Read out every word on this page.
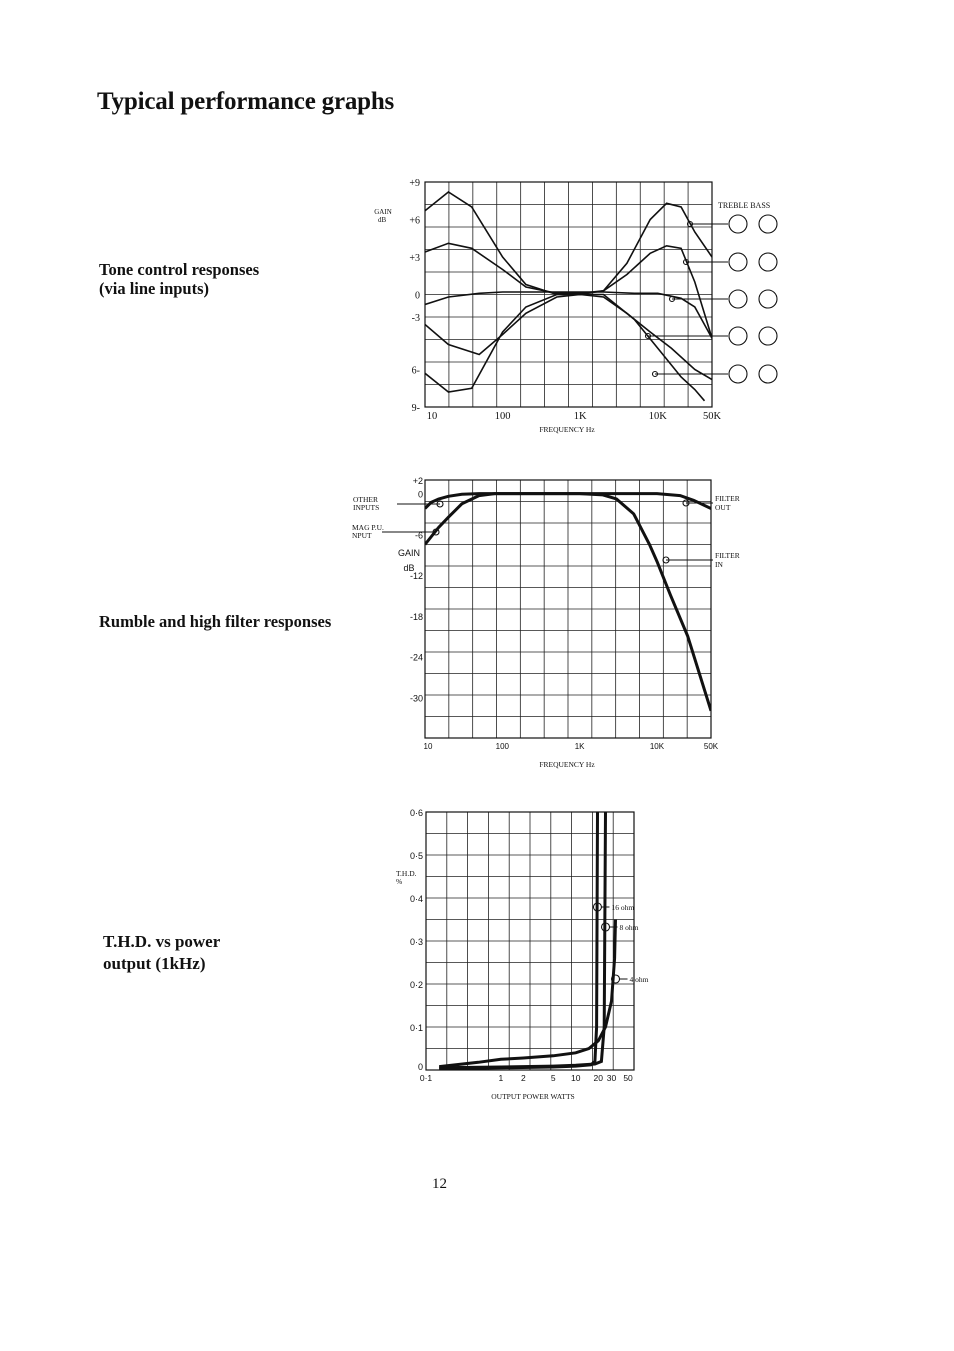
Typical performance graphs
Tone control responses
(via line inputs)
Rumble and high filter responses
T.H.D. vs power
output (1kHz)
+9
+6
+3
0
-3
6-
9-
10	100	1K	10K	50K
FREQUENCY Hz
GAIN
dB
TREBLE BASS
+2
0
-6
-12
-18
-24
-30
10	100	1K	10K	50K
FREQUENCY Hz
GAIN
dB
OTHER
INPUTS
MAG P.U.
NPUT
FILTER
OUT
FILTER
IN
0
0·1
0·2
0·3
0·4
0·5
0·6
0·1	1 2	5 10 20 30 50
OUTPUT POWER WATTS
T.H.D.
%
16 ohm
8 ohm
4 ohm
12
